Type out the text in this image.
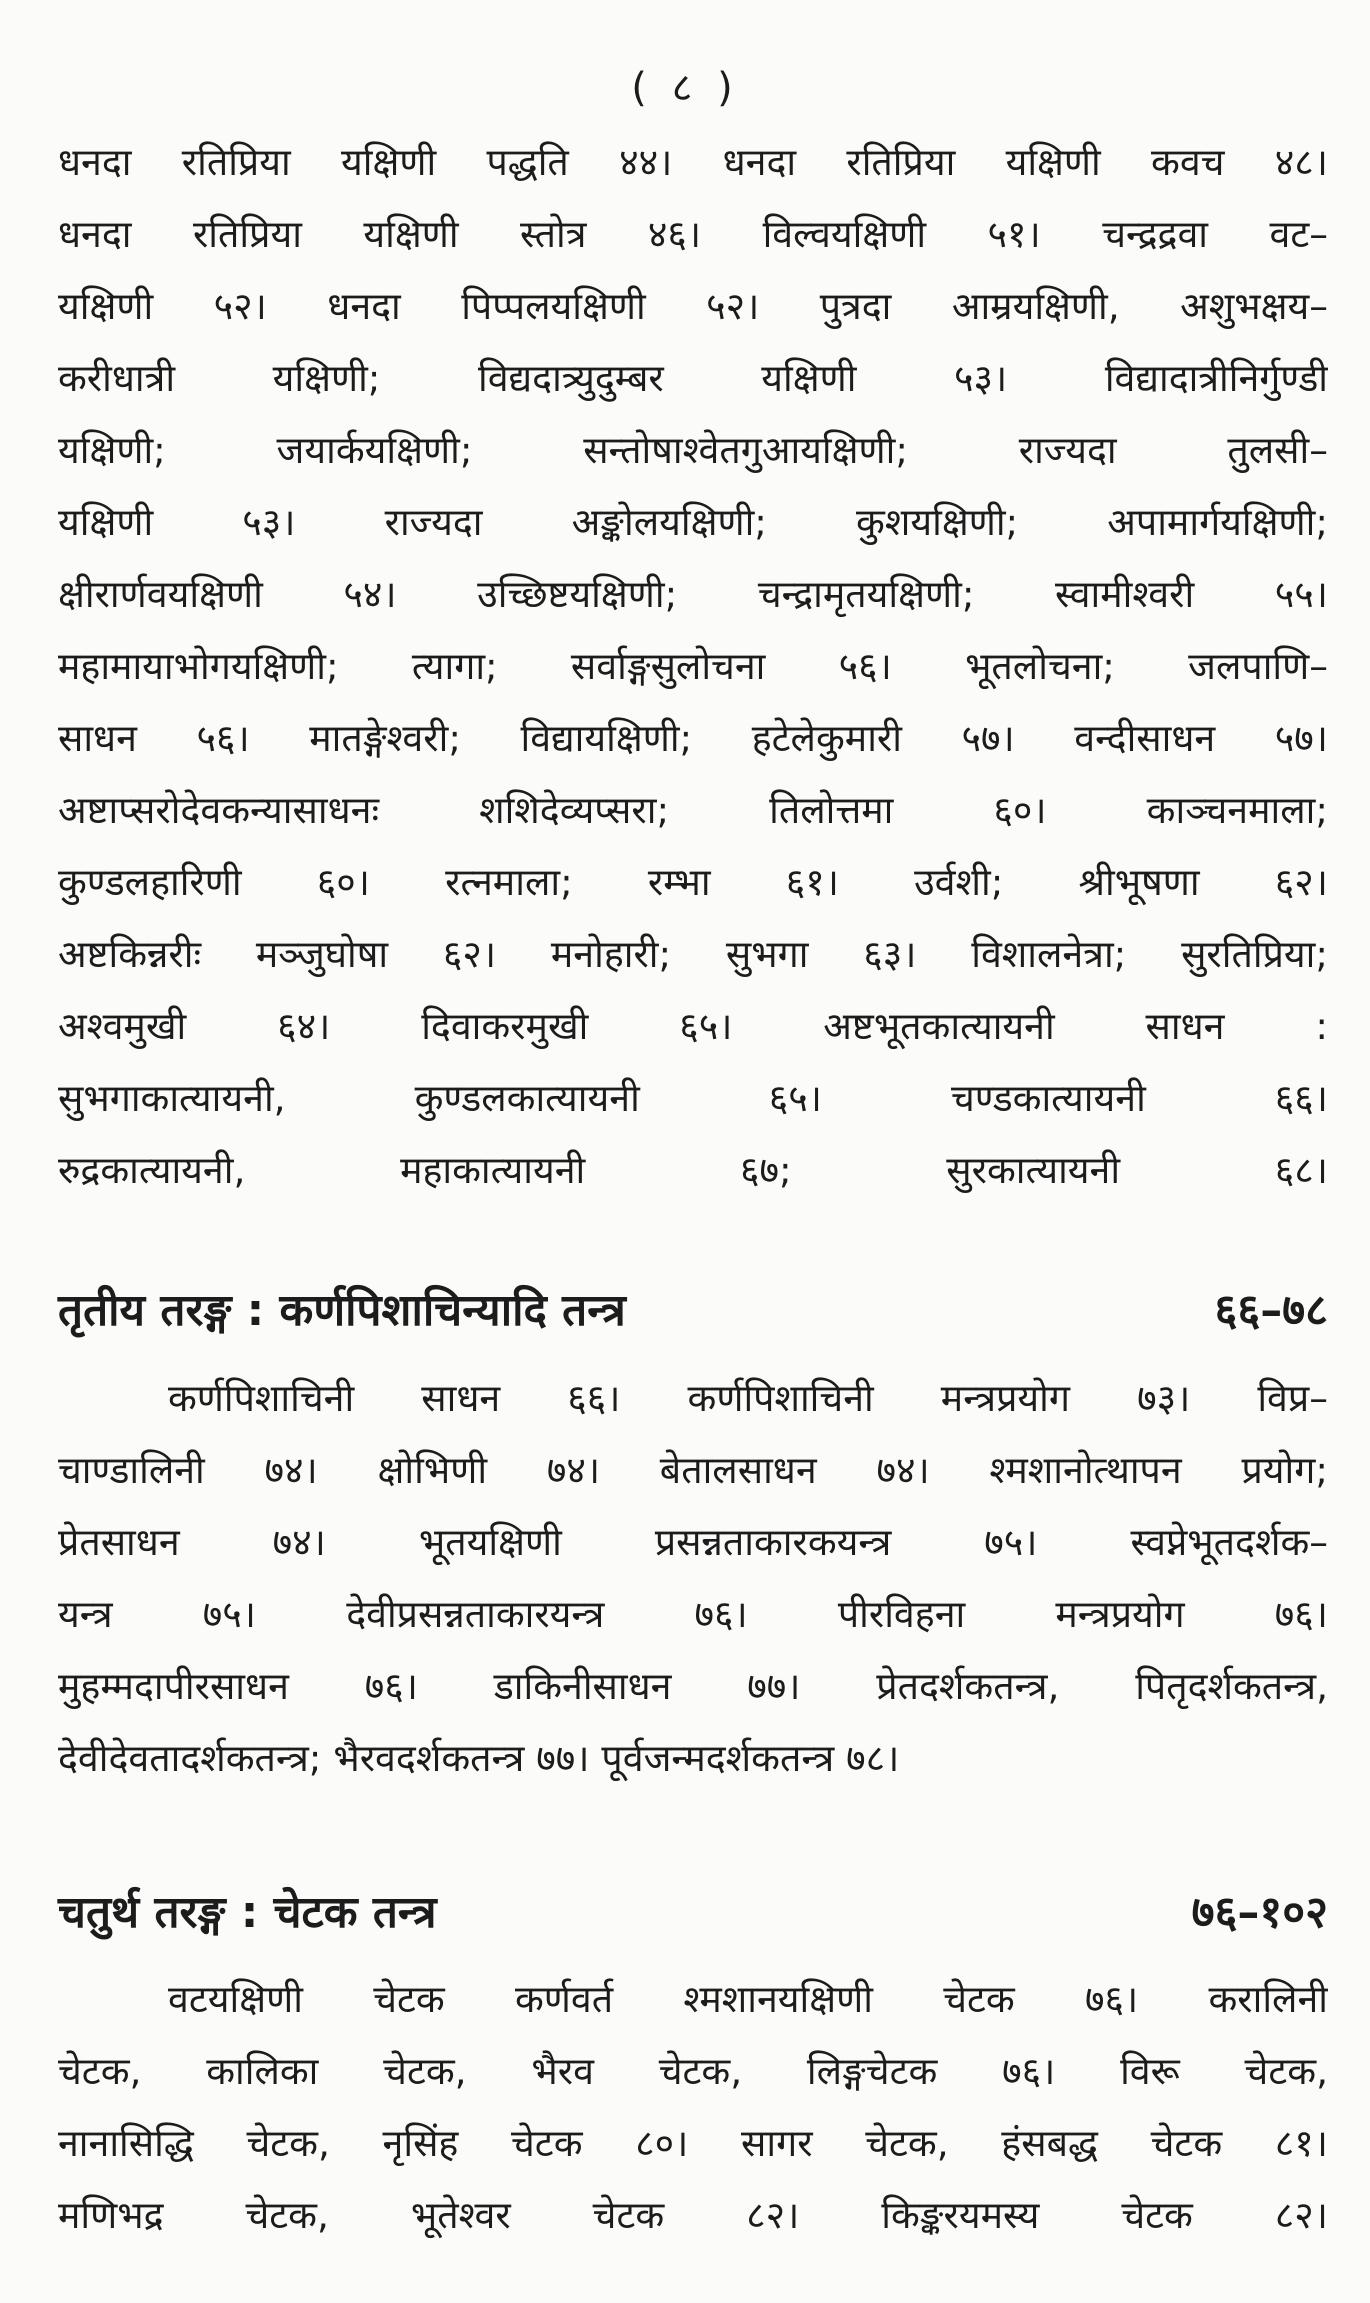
( ८ )
धनदा रतिप्रिया यक्षिणी पद्धति ४४। धनदा रतिप्रिया यक्षिणी कवच ४८।
धनदा रतिप्रिया यक्षिणी स्तोत्र ४६। विल्वयक्षिणी ५१। चन्द्रद्रवा वट–
यक्षिणी ५२। धनदा पिप्पलयक्षिणी ५२। पुत्रदा आम्रयक्षिणी, अशुभक्षय–
करीधात्री यक्षिणी; विद्यदात्र्युदुम्बर यक्षिणी ५३। विद्यादात्रीनिर्गुण्डी
यक्षिणी; जयार्कयक्षिणी; सन्तोषाश्वेतगुआयक्षिणी; राज्यदा तुलसी–
यक्षिणी ५३। राज्यदा अङ्कोलयक्षिणी; कुशयक्षिणी; अपामार्गयक्षिणी;
क्षीरार्णवयक्षिणी ५४। उच्छिष्टयक्षिणी; चन्द्रामृतयक्षिणी; स्वामीश्वरी ५५।
महामायाभोगयक्षिणी; त्यागा; सर्वाङ्गसुलोचना ५६। भूतलोचना; जलपाणि–
साधन ५६। मातङ्गेश्वरी; विद्यायक्षिणी; हटेलेकुमारी ५७। वन्दीसाधन ५७।
अष्टाप्सरोदेवकन्यासाधनः शशिदेव्यप्सरा; तिलोत्तमा ६०। काञ्चनमाला;
कुण्डलहारिणी ६०। रत्नमाला; रम्भा ६१। उर्वशी; श्रीभूषणा ६२।
अष्टकिन्नरीः मञ्जुघोषा ६२। मनोहारी; सुभगा ६३। विशालनेत्रा; सुरतिप्रिया;
अश्वमुखी ६४। दिवाकरमुखी ६५। अष्टभूतकात्यायनी साधन :
सुभगाकात्यायनी, कुण्डलकात्यायनी ६५। चण्डकात्यायनी ६६।
रुद्रकात्यायनी, महाकात्यायनी ६७; सुरकात्यायनी ६८।
तृतीय तरङ्ग : कर्णपिशाचिन्यादि तन्त्र	६६–७८
कर्णपिशाचिनी साधन ६६। कर्णपिशाचिनी मन्त्रप्रयोग ७३। विप्र–
चाण्डालिनी ७४। क्षोभिणी ७४। बेतालसाधन ७४। श्मशानोत्थापन प्रयोग;
प्रेतसाधन ७४। भूतयक्षिणी प्रसन्नताकारकयन्त्र ७५। स्वप्नेभूतदर्शक–
यन्त्र ७५। देवीप्रसन्नताकारयन्त्र ७६। पीरविहना मन्त्रप्रयोग ७६।
मुहम्मदापीरसाधन ७६। डाकिनीसाधन ७७। प्रेतदर्शकतन्त्र, पितृदर्शकतन्त्र,
देवीदेवतादर्शकतन्त्र; भैरवदर्शकतन्त्र ७७। पूर्वजन्मदर्शकतन्त्र ७८।
चतुर्थ तरङ्ग : चेटक तन्त्र	७६–१०२
वटयक्षिणी चेटक कर्णवर्त श्मशानयक्षिणी चेटक ७६। करालिनी
चेटक, कालिका चेटक, भैरव चेटक, लिङ्गचेटक ७६। विरू चेटक,
नानासिद्धि चेटक, नृसिंह चेटक ८०। सागर चेटक, हंसबद्ध चेटक ८१।
मणिभद्र चेटक, भूतेश्वर चेटक ८२। किङ्करयमस्य चेटक ८२।
